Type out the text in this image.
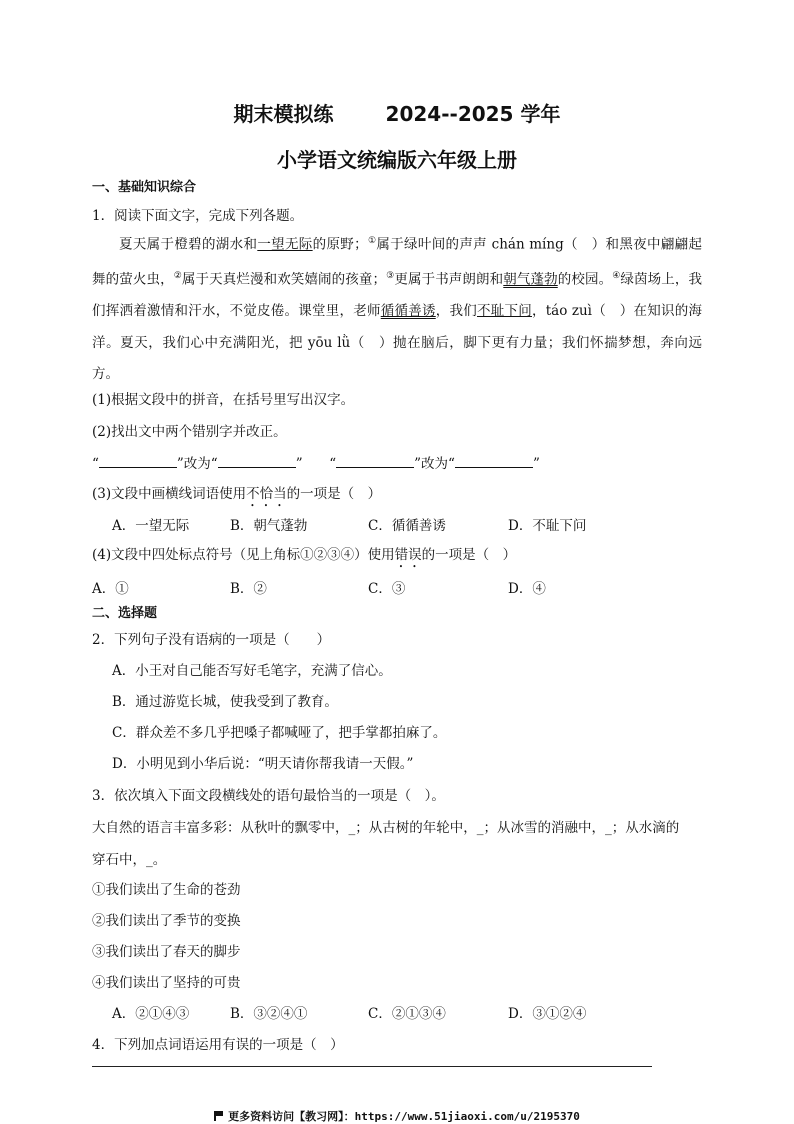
期末模拟练	2024--2025 学年
小学语文统编版六年级上册
一、基础知识综合
1．阅读下面文字，完成下列各题。

夏天属于橙碧的湖水和一望无际的原野；①属于绿叶间的声声 chán míng（　）和黑夜中翩翩起舞的萤火虫，②属于天真烂漫和欢笑嬉闹的孩童；③更属于书声朗朗和朝气蓬勃的校园。④绿茵场上，我们挥洒着激情和汗水，不觉皮倦。课堂里，老师循循善诱，我们不耻下问，táo zuì（　）在知识的海洋。夏天，我们心中充满阳光，把 yōu lǜ（　）抛在脑后，脚下更有力量；我们怀揣梦想，奔向远方。

(1)根据文段中的拼音，在括号里写出汉字。
(2)找出文中两个错别字并改正。
“	”改为“	” “	”改为“	”
(3)文段中画横线词语使用不恰当的一项是（　）
A．一望无际	B．朝气蓬勃	C．循循善诱	D．不耻下问
(4)文段中四处标点符号（见上角标①②③④）使用错误的一项是（　）
A．①	B．②	C．③	D．④
二、选择题
2．下列句子没有语病的一项是（　　）
A．小王对自己能否写好毛笔字，充满了信心。
B．通过游览长城，使我受到了教育。
C．群众差不多几乎把嗓子都喊哑了，把手掌都拍麻了。
D．小明见到小华后说：“明天请你帮我请一天假。”
3．依次填入下面文段横线处的语句最恰当的一项是（　）。
大自然的语言丰富多彩：从秋叶的飘零中，_；从古树的年轮中，_；从冰雪的消融中，_；从水滴的
穿石中，_。
①我们读出了生命的苍劲
②我们读出了季节的变换
③我们读出了春天的脚步
④我们读出了坚持的可贵
A．②①④③	B．③②④①	C．②①③④	D．③①②④
4．下列加点词语运用有误的一项是（　）
更多资料访问【教习网】：https://www.51jiaoxi.com/u/2195370
